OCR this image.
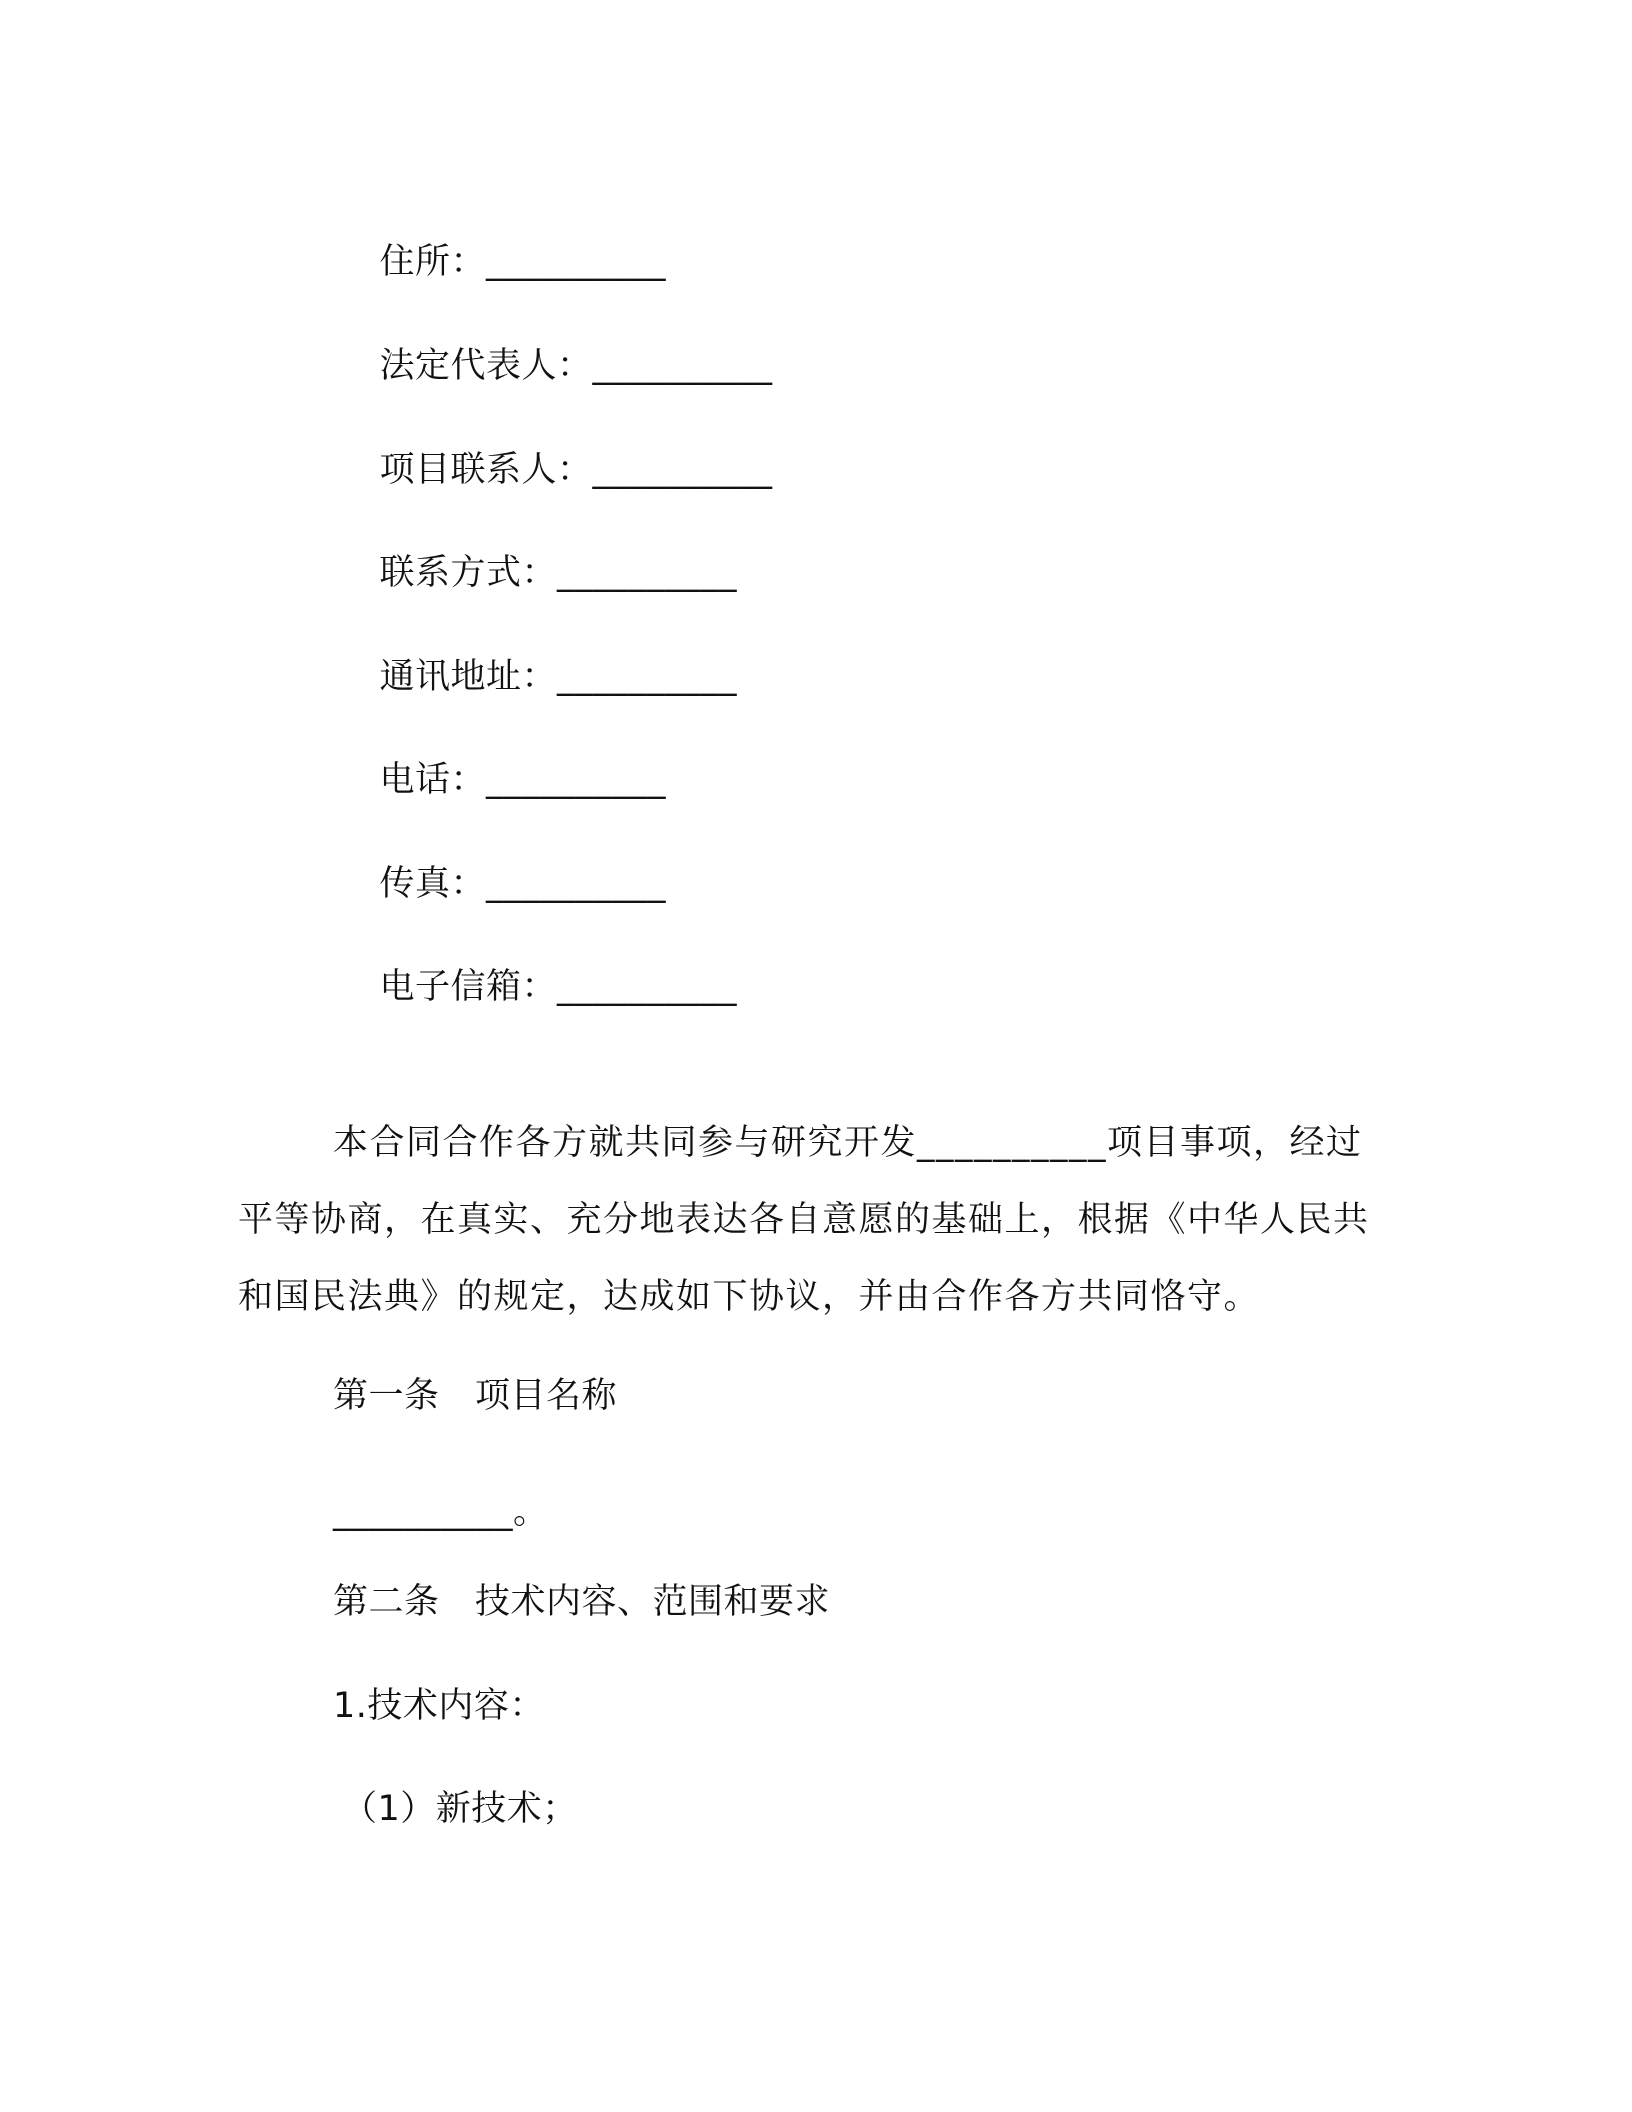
住所：__________

法定代表人：__________

项目联系人：__________

联系方式：__________

通讯地址：__________

电话：__________

传真：__________

电子信箱：__________

本合同合作各方就共同参与研究开发__________项目事项，经过平等协商，在真实、充分地表达各自意愿的基础上，根据《中华人民共和国民法典》的规定，达成如下协议，并由合作各方共同恪守。
第一条　项目名称
__________。
第二条　技术内容、范围和要求
1.技术内容：
（1）新技术；
